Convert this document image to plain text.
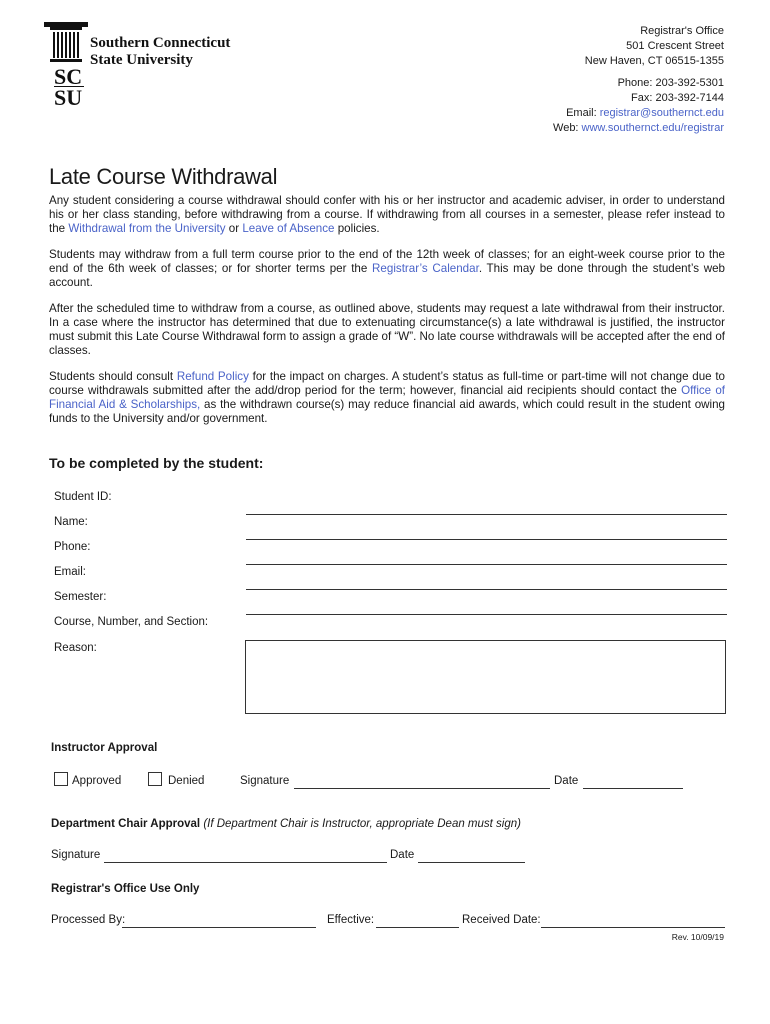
Southern Connecticut
State University
SC
SU
Registrar's Office
501 Crescent Street
New Haven, CT 06515-1355
Phone: 203-392-5301
Fax: 203-392-7144
Email: registrar@southernct.edu
Web: www.southernct.edu/registrar
Late Course Withdrawal

Any student considering a course withdrawal should confer with his or her instructor and academic adviser, in order to understand his or her class standing, before withdrawing from a course. If withdrawing from all courses in a semester, please refer instead to the Withdrawal from the University or Leave of Absence policies.

Students may withdraw from a full term course prior to the end of the 12th week of classes; for an eight-week course prior to the end of the 6th week of classes; or for shorter terms per the Registrar’s Calendar. This may be done through the student’s web account.

After the scheduled time to withdraw from a course, as outlined above, students may request a late withdrawal from their instructor. In a case where the instructor has determined that due to extenuating circumstance(s) a late withdrawal is justified, the instructor must submit this Late Course Withdrawal form to assign a grade of “W”. No late course withdrawals will be accepted after the end of classes.

Students should consult Refund Policy for the impact on charges. A student’s status as full-time or part-time will not change due to course withdrawals submitted after the add/drop period for the term; however, financial aid recipients should contact the Office of Financial Aid & Scholarships, as the withdrawn course(s) may reduce financial aid awards, which could result in the student owing funds to the University and/or government.

To be completed by the student:
Student ID:
Name:
Phone:
Email:
Semester:
Course, Number, and Section:
Reason:
Instructor Approval
Approved	Denied	Signature	Date
Department Chair Approval (If Department Chair is Instructor, appropriate Dean must sign)
Signature	Date
Registrar's Office Use Only
Processed By:	Effective:	Received Date:
Rev. 10/09/19
